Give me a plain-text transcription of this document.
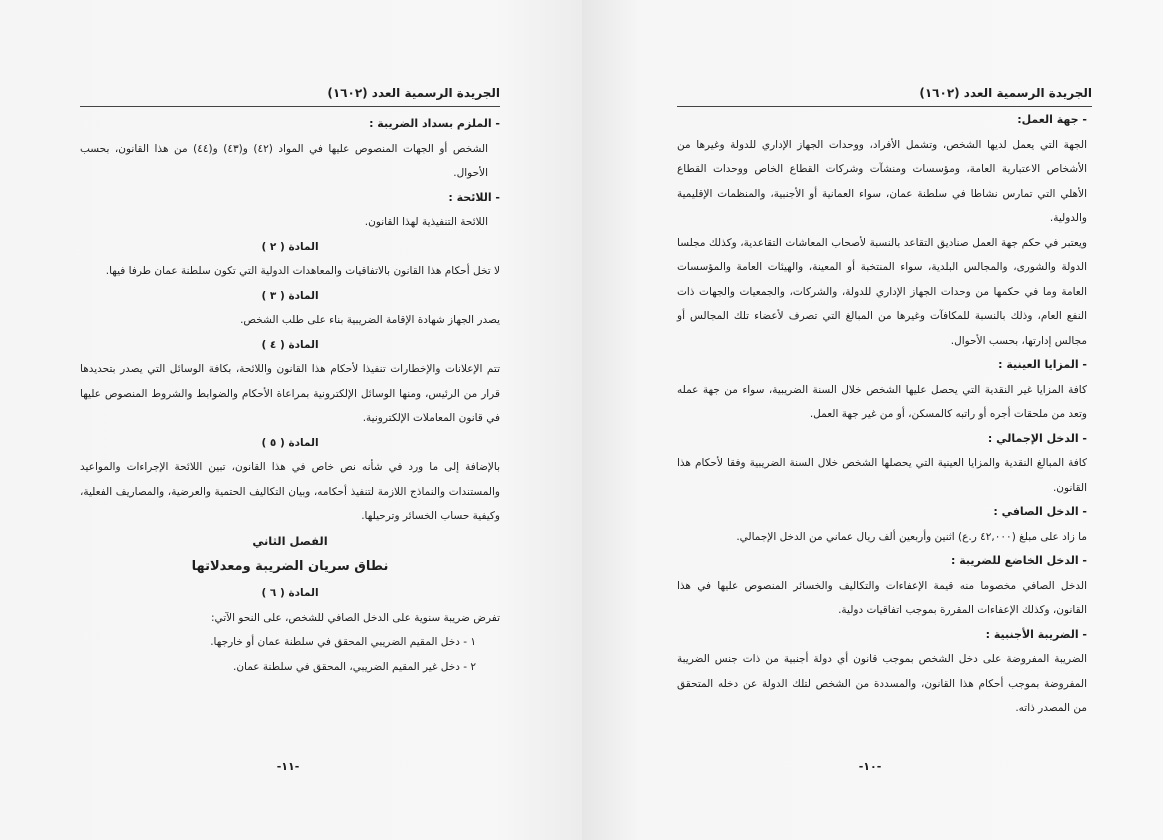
الجريدة الرسمية العدد (١٦٠٢)
- الملزم بسداد الضريبة :
الشخص أو الجهات المنصوص عليها في المواد (٤٢) و(٤٣) و(٤٤) من هذا القانون، بحسب الأحوال.
- اللائحة :
اللائحة التنفيذية لهذا القانون.
المادة ( ٢ )
لا تخل أحكام هذا القانون بالاتفاقيات والمعاهدات الدولية التي تكون سلطنة عمان طرفا فيها.
المادة ( ٣ )
يصدر الجهاز شهادة الإقامة الضريبية بناء على طلب الشخص.
المادة ( ٤ )
تتم الإعلانات والإخطارات تنفيذا لأحكام هذا القانون واللائحة، بكافة الوسائل التي يصدر بتحديدها قرار من الرئيس، ومنها الوسائل الإلكترونية بمراعاة الأحكام والضوابط والشروط المنصوص عليها في قانون المعاملات الإلكترونية.
المادة ( ٥ )
بالإضافة إلى ما ورد في شأنه نص خاص في هذا القانون، تبين اللائحة الإجراءات والمواعيد والمستندات والنماذج اللازمة لتنفيذ أحكامه، وبيان التكاليف الحتمية والعرضية، والمصاريف الفعلية، وكيفية حساب الخسائر وترحيلها.
الفصل الثاني
نطاق سريان الضريبة ومعدلاتها
المادة ( ٦ )
تفرض ضريبة سنوية على الدخل الصافي للشخص، على النحو الآتي:
١ - دخل المقيم الضريبي المحقق في سلطنة عمان أو خارجها.
٢ - دخل غير المقيم الضريبي، المحقق في سلطنة عمان.
-١١-
الجريدة الرسمية العدد (١٦٠٢)
- جهة العمل:
الجهة التي يعمل لديها الشخص، وتشمل الأفراد، ووحدات الجهاز الإداري للدولة وغيرها من الأشخاص الاعتبارية العامة، ومؤسسات ومنشآت وشركات القطاع الخاص ووحدات القطاع الأهلي التي تمارس نشاطا في سلطنة عمان، سواء العمانية أو الأجنبية، والمنظمات الإقليمية والدولية.
ويعتبر في حكم جهة العمل صناديق التقاعد بالنسبة لأصحاب المعاشات التقاعدية، وكذلك مجلسا الدولة والشورى، والمجالس البلدية، سواء المنتخبة أو المعينة، والهيئات العامة والمؤسسات العامة وما في حكمها من وحدات الجهاز الإداري للدولة، والشركات، والجمعيات والجهات ذات النفع العام، وذلك بالنسبة للمكافآت وغيرها من المبالغ التي تصرف لأعضاء تلك المجالس أو مجالس إدارتها، بحسب الأحوال.
- المزايا العينية :
كافة المزايا غير النقدية التي يحصل عليها الشخص خلال السنة الضريبية، سواء من جهة عمله وتعد من ملحقات أجره أو راتبه كالمسكن، أو من غير جهة العمل.
- الدخل الإجمالي :
كافة المبالغ النقدية والمزايا العينية التي يحصلها الشخص خلال السنة الضريبية وفقا لأحكام هذا القانون.
- الدخل الصافي :
ما زاد على مبلغ (٤٢,٠٠٠ ر.ع) اثنين وأربعين ألف ريال عماني من الدخل الإجمالي.
- الدخل الخاضع للضريبة :
الدخل الصافي مخصوما منه قيمة الإعفاءات والتكاليف والخسائر المنصوص عليها في هذا القانون، وكذلك الإعفاءات المقررة بموجب اتفاقيات دولية.
- الضريبة الأجنبية :
الضريبة المفروضة على دخل الشخص بموجب قانون أي دولة أجنبية من ذات جنس الضريبة المفروضة بموجب أحكام هذا القانون، والمسددة من الشخص لتلك الدولة عن دخله المتحقق من المصدر ذاته.
-١٠-
